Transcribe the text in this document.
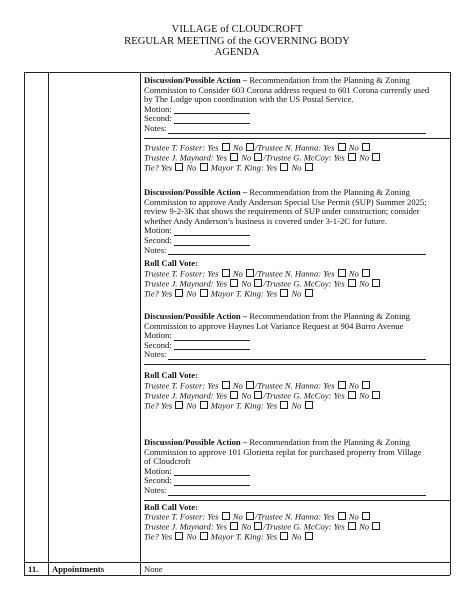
VILLAGE of CLOUDCROFT
REGULAR MEETING of the GOVERNING BODY
AGENDA
Discussion/Possible Action – Recommendation from the Planning & Zoning
Commission to Consider 603 Corona address request to 601 Corona currently used
by The Lodge upon coordination with the US Postal Service.
Motion:
Second:
Notes:
Trustee T. Foster: Yes No /Trustee N. Hanna: Yes No
Trustee J. Maynard: Yes No /Trustee G. McCoy: Yes No
Tie? Yes No Mayor T. King: Yes No
Discussion/Possible Action – Recommendation from the Planning & Zoning
Commission to approve Andy Anderson Special Use Permit (SUP) Summer 2025;
review 9-2-3K that shows the requirements of SUP under construction; consider
whether Andy Anderson’s business is covered under 3-1-2C for future.
Motion:
Second:
Notes:
Roll Call Vote:
Trustee T. Foster: Yes No /Trustee N. Hanna: Yes No
Trustee J. Maynard: Yes No /Trustee G. McCoy: Yes No
Tie? Yes No Mayor T. King: Yes No
Discussion/Possible Action – Recommendation from the Planning & Zoning
Commission to approve Haynes Lot Variance Request at 904 Burro Avenue
Motion:
Second:
Notes:
Roll Call Vote:
Trustee T. Foster: Yes No /Trustee N. Hanna: Yes No
Trustee J. Maynard: Yes No /Trustee G. McCoy: Yes No
Tie? Yes No Mayor T. King: Yes No
Discussion/Possible Action – Recommendation from the Planning & Zoning
Commission to approve 101 Glorietta replat for purchased property from Village
of Cloudcroft
Motion:
Second:
Notes:
Roll Call Vote:
Trustee T. Foster: Yes No /Trustee N. Hanna: Yes No
Trustee J. Maynard: Yes No /Trustee G. McCoy: Yes No
Tie? Yes No Mayor T. King: Yes No
11. Appointments	None
